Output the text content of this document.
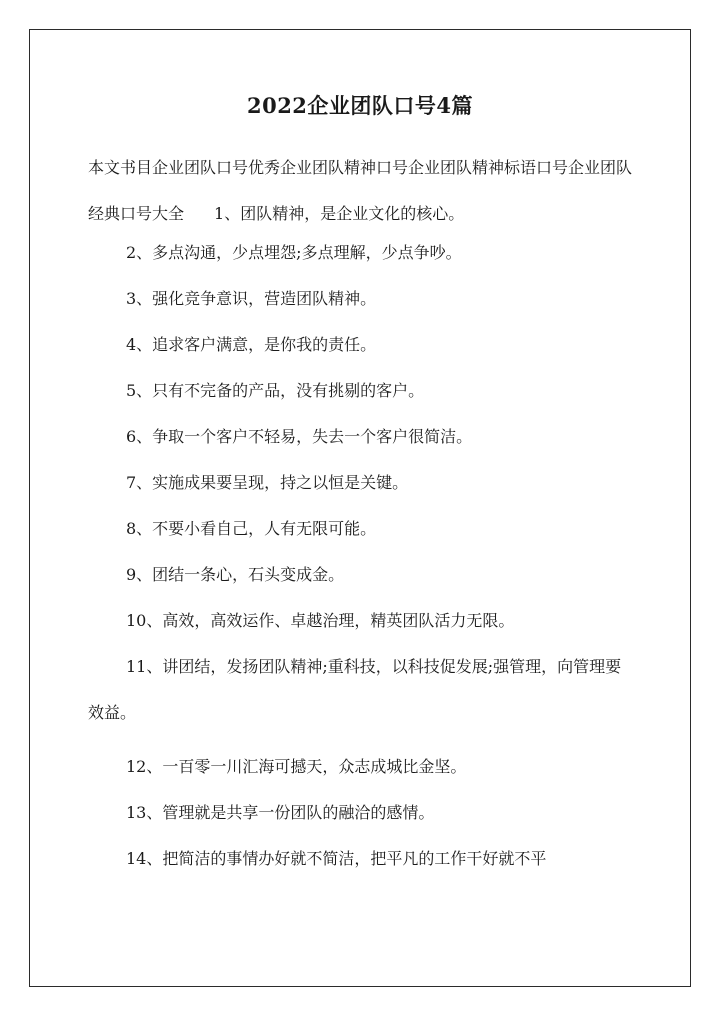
2022企业团队口号4篇

本文书目企业团队口号优秀企业团队精神口号企业团队精神标语口号企业团队经典口号大全 1、团队精神，是企业文化的核心。

2、多点沟通，少点埋怨;多点理解，少点争吵。

3、强化竞争意识，营造团队精神。

4、追求客户满意，是你我的责任。

5、只有不完备的产品，没有挑剔的客户。

6、争取一个客户不轻易，失去一个客户很简洁。

7、实施成果要呈现，持之以恒是关键。

8、不要小看自己，人有无限可能。

9、团结一条心，石头变成金。

10、高效，高效运作、卓越治理，精英团队活力无限。

11、讲团结，发扬团队精神;重科技，以科技促发展;强管理，向管理要效益。

12、一百零一川汇海可撼天，众志成城比金坚。

13、管理就是共享一份团队的融洽的感情。

14、把简洁的事情办好就不简洁，把平凡的工作干好就不平
